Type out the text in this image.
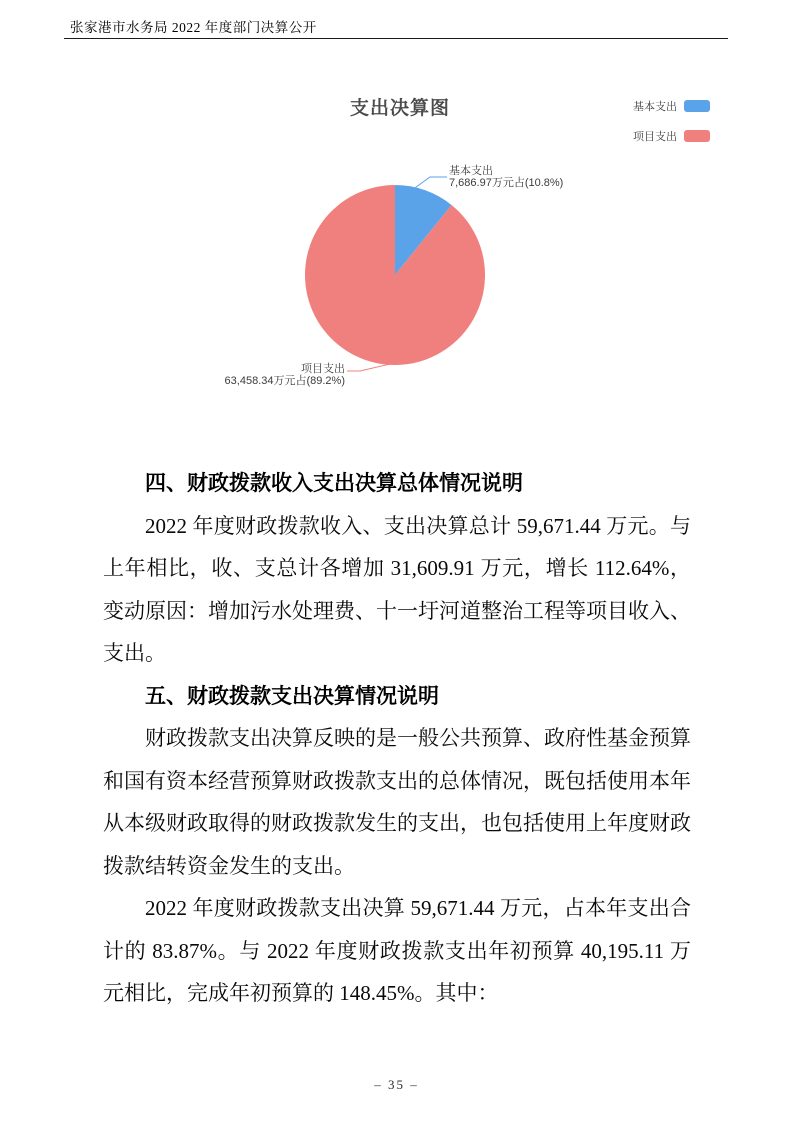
张家港市水务局 2022 年度部门决算公开
支出决算图	基本支出
项目支出
基本支出
7,686.97万元占(10.8%)
项目支出
63,458.34万元占(89.2%)
四、财政拨款收入支出决算总体情况说明

2022 年度财政拨款收入、支出决算总计 59,671.44 万元。与上年相比，收、支总计各增加 31,609.91 万元，增长 112.64%，变动原因：增加污水处理费、十一圩河道整治工程等项目收入、支出。

五、财政拨款支出决算情况说明

财政拨款支出决算反映的是一般公共预算、政府性基金预算和国有资本经营预算财政拨款支出的总体情况，既包括使用本年从本级财政取得的财政拨款发生的支出，也包括使用上年度财政拨款结转资金发生的支出。

2022 年度财政拨款支出决算 59,671.44 万元，占本年支出合计的 83.87%。与 2022 年度财政拨款支出年初预算 40,195.11 万元相比，完成年初预算的 148.45%。其中：

– 35 –
